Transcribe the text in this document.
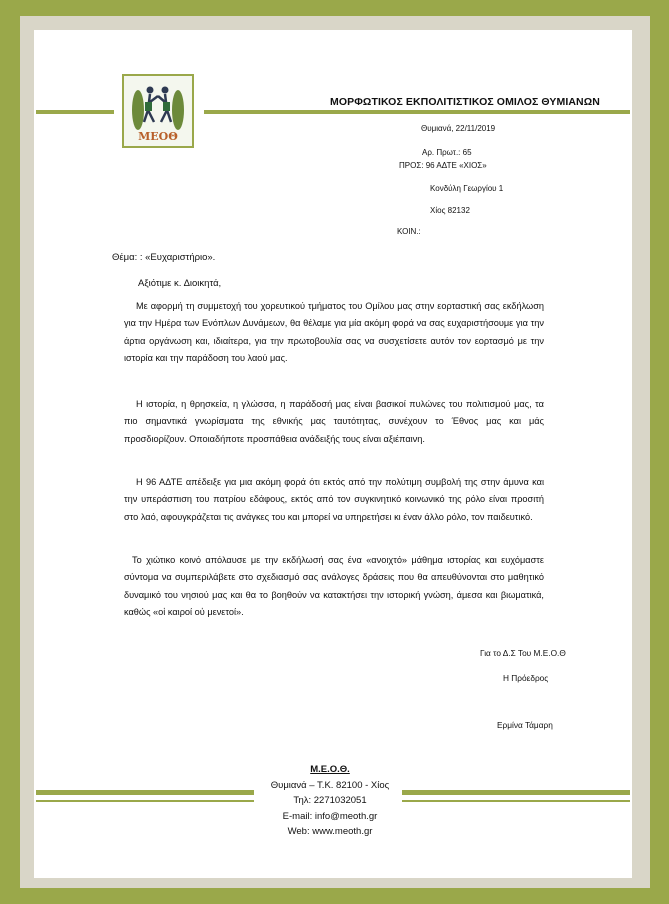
ΜΕΟΘ
ΜΟΡΦΩΤΙΚΟΣ ΕΚΠΟΛΙΤΙΣΤΙΚΟΣ ΟΜΙΛΟΣ ΘΥΜΙΑΝΩΝ
Θυμιανά, 22/11/2019
Αρ. Πρωτ.: 65
ΠΡΟΣ: 96 ΑΔΤΕ «ΧΙΟΣ»
Κονδύλη Γεωργίου 1
Χίος 82132
ΚΟΙΝ.:
Θέμα: : «Ευχαριστήριο».
Αξιότιμε κ. Διοικητά,

Με αφορμή τη συμμετοχή του χορευτικού τμήματος του Ομίλου μας στην εορταστική σας εκδήλωση για την Ημέρα των Ενόπλων Δυνάμεων, θα θέλαμε για μία ακόμη φορά να σας ευχαριστήσουμε για την άρτια οργάνωση και, ιδιαίτερα, για την πρωτοβουλία σας να συσχετίσετε αυτόν τον εορτασμό με την ιστορία και την παράδοση του λαού μας.

Η ιστορία, η θρησκεία, η γλώσσα, η παράδοσή μας είναι βασικοί πυλώνες του πολιτισμού μας, τα πιο σημαντικά γνωρίσματα της εθνικής μας ταυτότητας, συνέχουν το Έθνος μας και μάς προσδιορίζουν. Οποιαδήποτε προσπάθεια ανάδειξής τους είναι αξιέπαινη.

Η 96 ΑΔΤΕ απέδειξε για μια ακόμη φορά ότι εκτός από την πολύτιμη συμβολή της στην άμυνα και την υπεράσπιση του πατρίου εδάφους, εκτός από τον συγκινητικό κοινωνικό της ρόλο είναι προσιτή στο λαό, αφουγκράζεται τις ανάγκες του και μπορεί να υπηρετήσει κι έναν άλλο ρόλο, τον παιδευτικό.

Το χιώτικο κοινό απόλαυσε με την εκδήλωσή σας ένα «ανοιχτό» μάθημα ιστορίας και ευχόμαστε σύντομα να συμπεριλάβετε στο σχεδιασμό σας ανάλογες δράσεις που θα απευθύνονται στο μαθητικό δυναμικό του νησιού μας και θα το βοηθούν να κατακτήσει την ιστορική γνώση, άμεσα και βιωματικά, καθώς «οἱ καιροί οὐ μενετοί».

Για το Δ.Σ Του Μ.Ε.Ο.Θ
Η Πρόεδρος
Ερμίνα Τάμαρη
Μ.Ε.Ο.Θ.
Θυμιανά – Τ.Κ. 82100 - Χίος
Τηλ: 2271032051
E-mail: info@meoth.gr
Web: www.meoth.gr
